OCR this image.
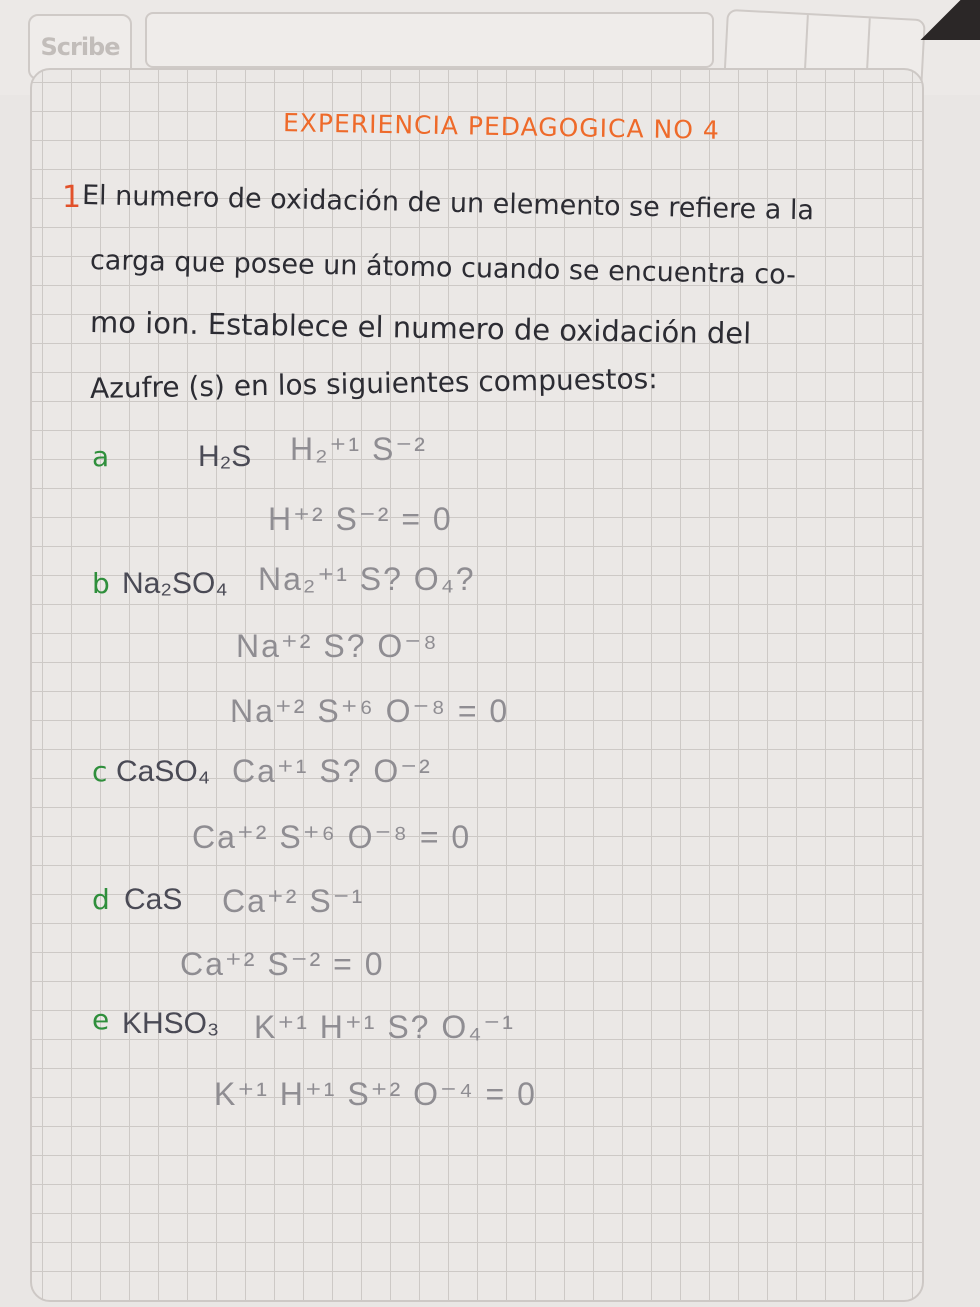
Scribe
EXPERIENCIA PEDAGOGICA NO 4
1 El numero de oxidación de un elemento se refiere a la
carga que posee un átomo cuando se encuentra co-
mo ion. Establece el numero de oxidación del
Azufre (s) en los siguientes compuestos:
a	H₂S H₂⁺¹ S⁻²
H⁺² S⁻² = 0
b Na₂SO₄ Na₂⁺¹ S? O₄?
Na⁺² S? O⁻⁸
Na⁺² S⁺⁶ O⁻⁸ = 0
c CaSO₄ Ca⁺¹ S? O⁻²
Ca⁺² S⁺⁶ O⁻⁸ = 0
d CaS Ca⁺² S⁻¹
Ca⁺² S⁻² = 0
e KHSO₃ K⁺¹ H⁺¹ S? O₄⁻¹
K⁺¹ H⁺¹ S⁺² O⁻⁴ = 0
